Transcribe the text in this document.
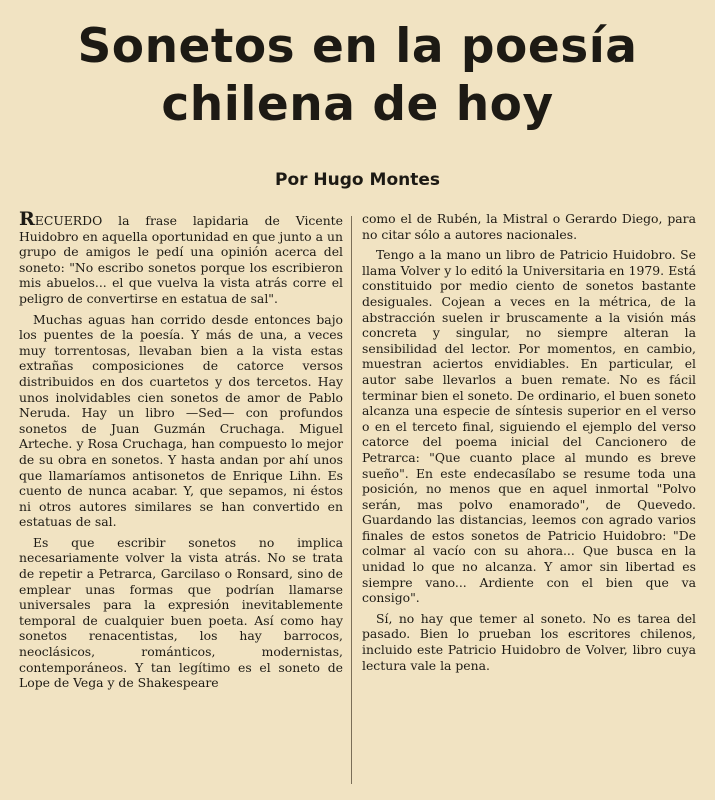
Sonetos en la poesía
chilena de hoy
Por Hugo Montes

RECUERDO la frase lapidaria de Vicente Huidobro en aquella oportunidad en que junto a un grupo de amigos le pedí una opinión acerca del soneto: "No escribo sonetos porque los escribieron mis abuelos... el que vuelva la vista atrás corre el peligro de convertirse en estatua de sal".

Muchas aguas han corrido desde entonces bajo los puentes de la poesía. Y más de una, a veces muy torrentosas, llevaban bien a la vista estas extrañas composiciones de catorce versos distribuidos en dos cuartetos y dos tercetos. Hay unos inolvidables cien sonetos de amor de Pablo Neruda. Hay un libro —Sed— con profundos sonetos de Juan Guzmán Cruchaga. Miguel Arteche. y Rosa Cruchaga, han compuesto lo mejor de su obra en sonetos. Y hasta andan por ahí unos que llamaríamos antisonetos de Enrique Lihn. Es cuento de nunca acabar. Y, que sepamos, ni éstos ni otros autores similares se han convertido en estatuas de sal.

Es que escribir sonetos no implica necesariamente volver la vista atrás. No se trata de repetir a Petrarca, Garcilaso o Ronsard, sino de emplear unas formas que podrían llamarse universales para la expresión inevitablemente temporal de cualquier buen poeta. Así como hay sonetos renacentistas, los hay barrocos, neoclásicos, románticos, modernistas, contemporáneos. Y tan legítimo es el soneto de Lope de Vega y de Shakespeare

como el de Rubén, la Mistral o Gerardo Diego, para no citar sólo a autores nacionales.

Tengo a la mano un libro de Patricio Huidobro. Se llama Volver y lo editó la Universitaria en 1979. Está constituido por medio ciento de sonetos bastante desiguales. Cojean a veces en la métrica, de la abstracción suelen ir bruscamente a la visión más concreta y singular, no siempre alteran la sensibilidad del lector. Por momentos, en cambio, muestran aciertos envidiables. En particular, el autor sabe llevarlos a buen remate. No es fácil terminar bien el soneto. De ordinario, el buen soneto alcanza una especie de síntesis superior en el verso o en el terceto final, siguiendo el ejemplo del verso catorce del poema inicial del Cancionero de Petrarca: "Que cuanto place al mundo es breve sueño". En este endecasílabo se resume toda una posición, no menos que en aquel inmortal "Polvo serán, mas polvo enamorado", de Quevedo. Guardando las distancias, leemos con agrado varios finales de estos sonetos de Patricio Huidobro: "De colmar al vacío con su ahora... Que busca en la unidad lo que no alcanza. Y amor sin libertad es siempre vano... Ardiente con el bien que va consigo".

Sí, no hay que temer al soneto. No es tarea del pasado. Bien lo prueban los escritores chilenos, incluido este Patricio Huidobro de Volver, libro cuya lectura vale la pena.
